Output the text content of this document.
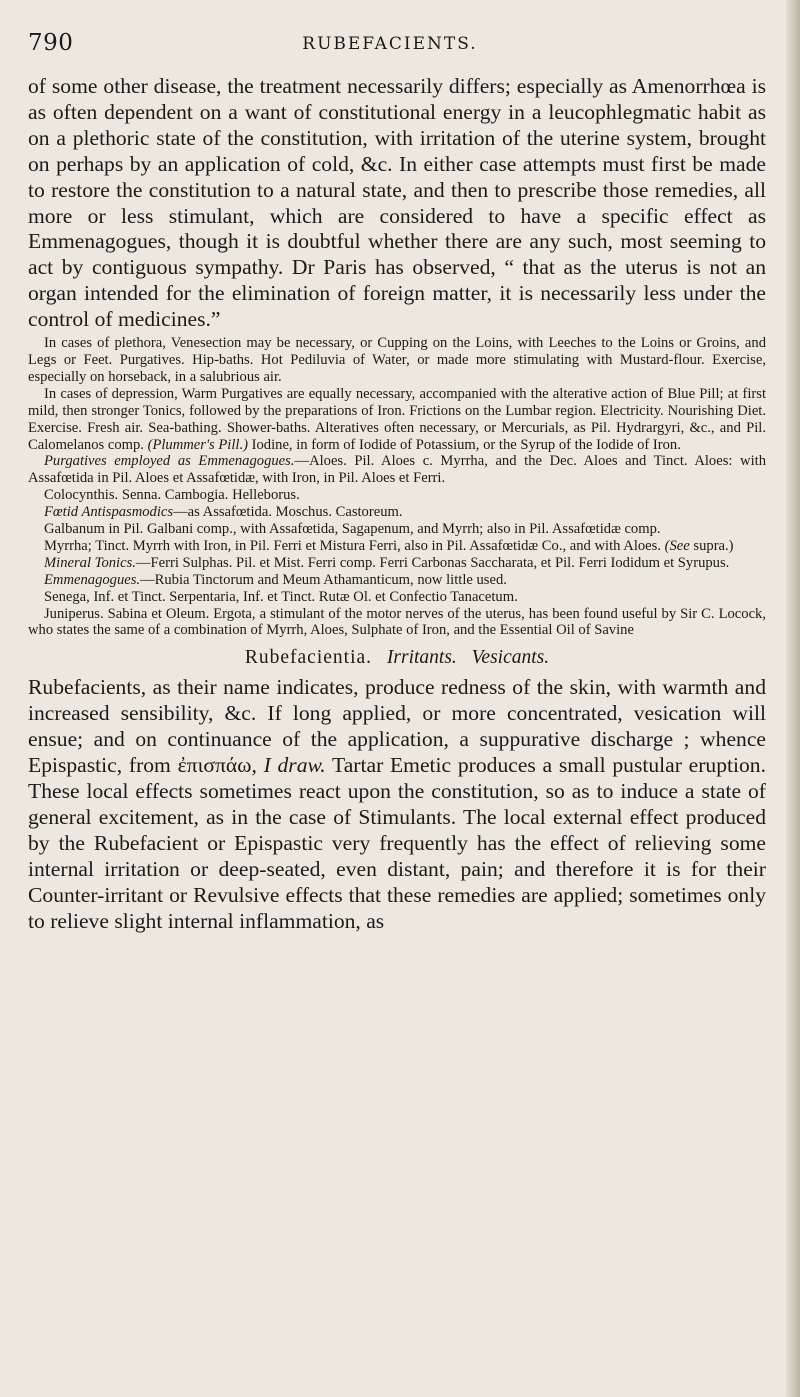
790	RUBEFACIENTS.

of some other disease, the treatment necessarily differs; especially as Amenorrhœa is as often dependent on a want of constitutional energy in a leucophlegmatic habit as on a plethoric state of the constitution, with irritation of the uterine system, brought on perhaps by an application of cold, &c. In either case attempts must first be made to restore the constitution to a natural state, and then to prescribe those remedies, all more or less stimulant, which are considered to have a specific effect as Emmenagogues, though it is doubtful whether there are any such, most seeming to act by contiguous sympathy. Dr Paris has observed, “ that as the uterus is not an organ intended for the elimination of foreign matter, it is necessarily less under the control of medicines.”

In cases of plethora, Venesection may be necessary, or Cupping on the Loins, with Leeches to the Loins or Groins, and Legs or Feet. Purgatives. Hip-baths. Hot Pediluvia of Water, or made more stimulating with Mustard-flour. Exercise, especially on horseback, in a salubrious air.

In cases of depression, Warm Purgatives are equally necessary, accompanied with the alterative action of Blue Pill; at first mild, then stronger Tonics, followed by the preparations of Iron. Frictions on the Lumbar region. Electricity. Nourishing Diet. Exercise. Fresh air. Sea-bathing. Shower-baths. Alteratives often necessary, or Mercurials, as Pil. Hydrargyri, &c., and Pil. Calomelanos comp. (Plummer's Pill.) Iodine, in form of Iodide of Potassium, or the Syrup of the Iodide of Iron.

Purgatives employed as Emmenagogues.—Aloes. Pil. Aloes c. Myrrha, and the Dec. Aloes and Tinct. Aloes: with Assafœtida in Pil. Aloes et Assafœtidæ, with Iron, in Pil. Aloes et Ferri.

Colocynthis. Senna. Cambogia. Helleborus.

Fœtid Antispasmodics—as Assafœtida. Moschus. Castoreum.

Galbanum in Pil. Galbani comp., with Assafœtida, Sagapenum, and Myrrh; also in Pil. Assafœtidæ comp.

Myrrha; Tinct. Myrrh with Iron, in Pil. Ferri et Mistura Ferri, also in Pil. Assafœtidæ Co., and with Aloes. (See supra.)

Mineral Tonics.—Ferri Sulphas. Pil. et Mist. Ferri comp. Ferri Carbonas Saccharata, et Pil. Ferri Iodidum et Syrupus.

Emmenagogues.—Rubia Tinctorum and Meum Athamanticum, now little used.

Senega, Inf. et Tinct. Serpentaria, Inf. et Tinct. Rutæ Ol. et Confectio Tanacetum.

Juniperus. Sabina et Oleum. Ergota, a stimulant of the motor nerves of the uterus, has been found useful by Sir C. Locock, who states the same of a combination of Myrrh, Aloes, Sulphate of Iron, and the Essential Oil of Savine

Rubefacientia. Irritants. Vesicants.

Rubefacients, as their name indicates, produce redness of the skin, with warmth and increased sensibility, &c. If long applied, or more concentrated, vesication will ensue; and on continuance of the application, a suppurative discharge ; whence Epispastic, from ἐπισπάω, I draw. Tartar Emetic produces a small pustular eruption. These local effects sometimes react upon the constitution, so as to induce a state of general excitement, as in the case of Stimulants. The local external effect produced by the Rubefacient or Epispastic very frequently has the effect of relieving some internal irritation or deep-seated, even distant, pain; and therefore it is for their Counter-irritant or Revulsive effects that these remedies are applied; sometimes only to relieve slight internal inflammation, as
